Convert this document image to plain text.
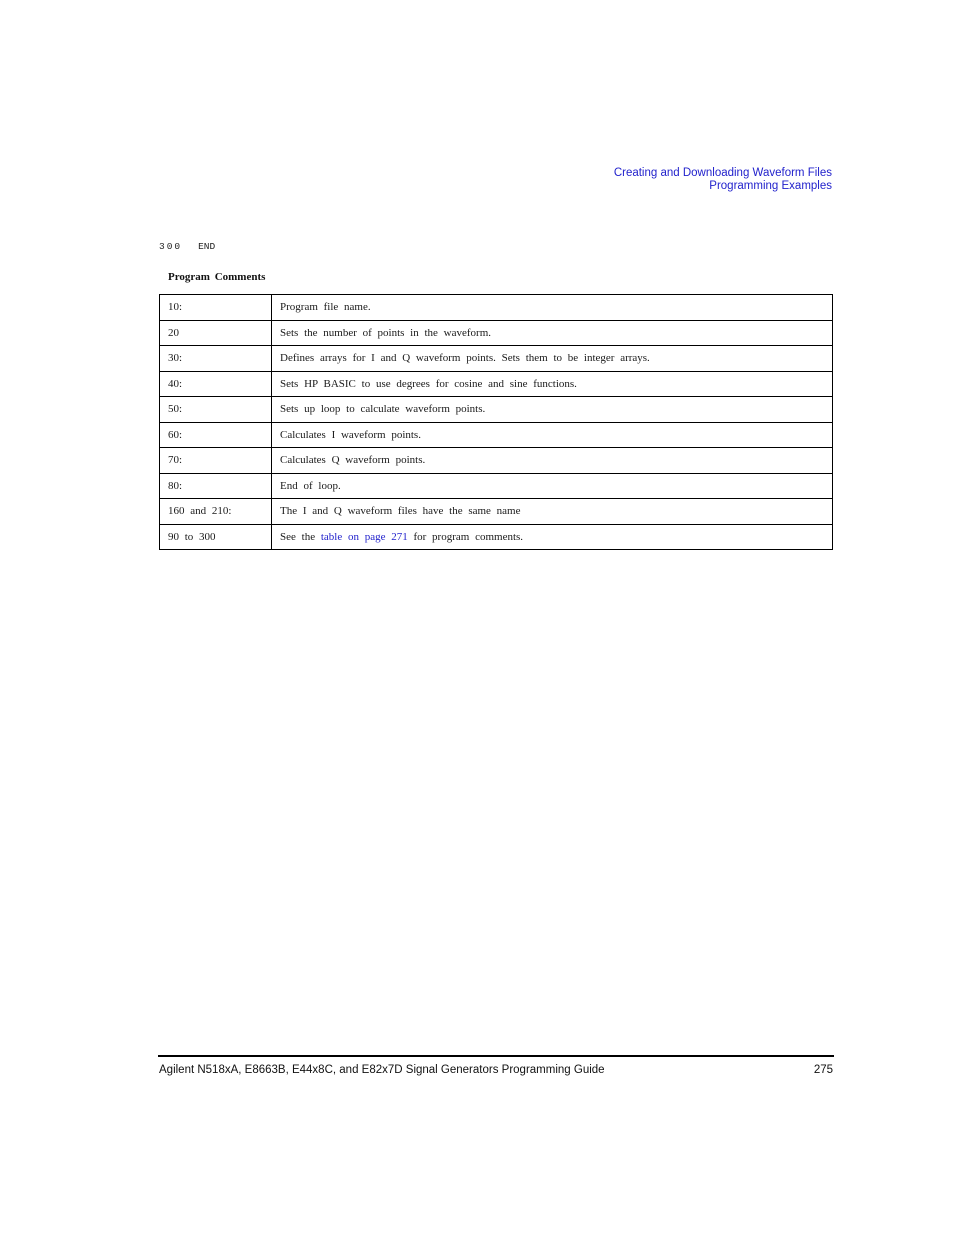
Creating and Downloading Waveform Files
Programming Examples
300 END
Program Comments
10:	Program file name.
20	Sets the number of points in the waveform.
30:	Defines arrays for I and Q waveform points. Sets them to be integer arrays.
40:	Sets HP BASIC to use degrees for cosine and sine functions.
50:	Sets up loop to calculate waveform points.
60:	Calculates I waveform points.
70:	Calculates Q waveform points.
80:	End of loop.
160 and 210:	The I and Q waveform files have the same name
90 to 300	See the table on page 271 for program comments.
Agilent N518xA, E8663B, E44x8C, and E82x7D Signal Generators Programming Guide	275
